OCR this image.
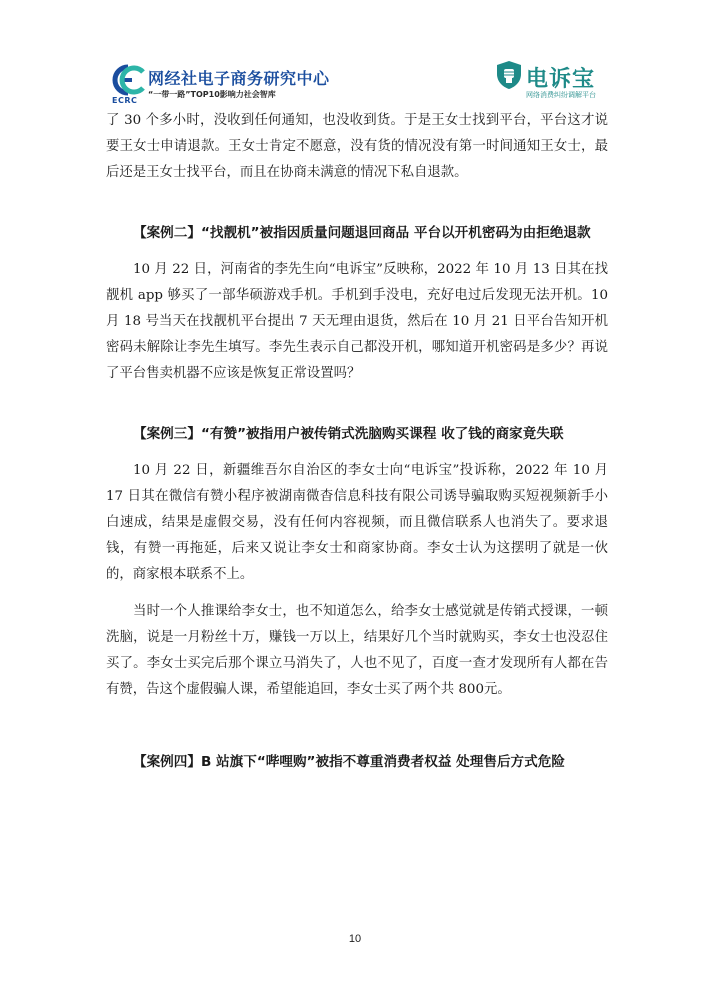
ECRC
网经社电子商务研究中心
“一带一路”TOP10影响力社会智库
电诉宝
网络消费纠纷调解平台

了 30 个多小时，没收到任何通知，也没收到货。于是王女士找到平台，平台这才说要王女士申请退款。王女士肯定不愿意，没有货的情况没有第一时间通知王女士，最后还是王女士找平台，而且在协商未满意的情况下私自退款。

【案例二】“找靓机”被指因质量问题退回商品 平台以开机密码为由拒绝退款

10 月 22 日，河南省的李先生向“电诉宝”反映称，2022 年 10 月 13 日其在找靓机 app 够买了一部华硕游戏手机。手机到手没电，充好电过后发现无法开机。10 月 18 号当天在找靓机平台提出 7 天无理由退货，然后在 10 月 21 日平台告知开机密码未解除让李先生填写。李先生表示自己都没开机，哪知道开机密码是多少？再说了平台售卖机器不应该是恢复正常设置吗？

【案例三】“有赞”被指用户被传销式洗脑购买课程 收了钱的商家竟失联

10 月 22 日，新疆维吾尔自治区的李女士向“电诉宝”投诉称，2022 年 10 月 17 日其在微信有赞小程序被湖南微杳信息科技有限公司诱导骗取购买短视频新手小白速成，结果是虚假交易，没有任何内容视频，而且微信联系人也消失了。要求退钱，有赞一再拖延，后来又说让李女士和商家协商。李女士认为这摆明了就是一伙的，商家根本联系不上。

当时一个人推课给李女士，也不知道怎么，给李女士感觉就是传销式授课，一顿洗脑，说是一月粉丝十万，赚钱一万以上，结果好几个当时就购买，李女士也没忍住买了。李女士买完后那个课立马消失了，人也不见了，百度一查才发现所有人都在告有赞，告这个虚假骗人课，希望能追回，李女士买了两个共 800元。

【案例四】B 站旗下“哔哩购”被指不尊重消费者权益 处理售后方式危险

10
